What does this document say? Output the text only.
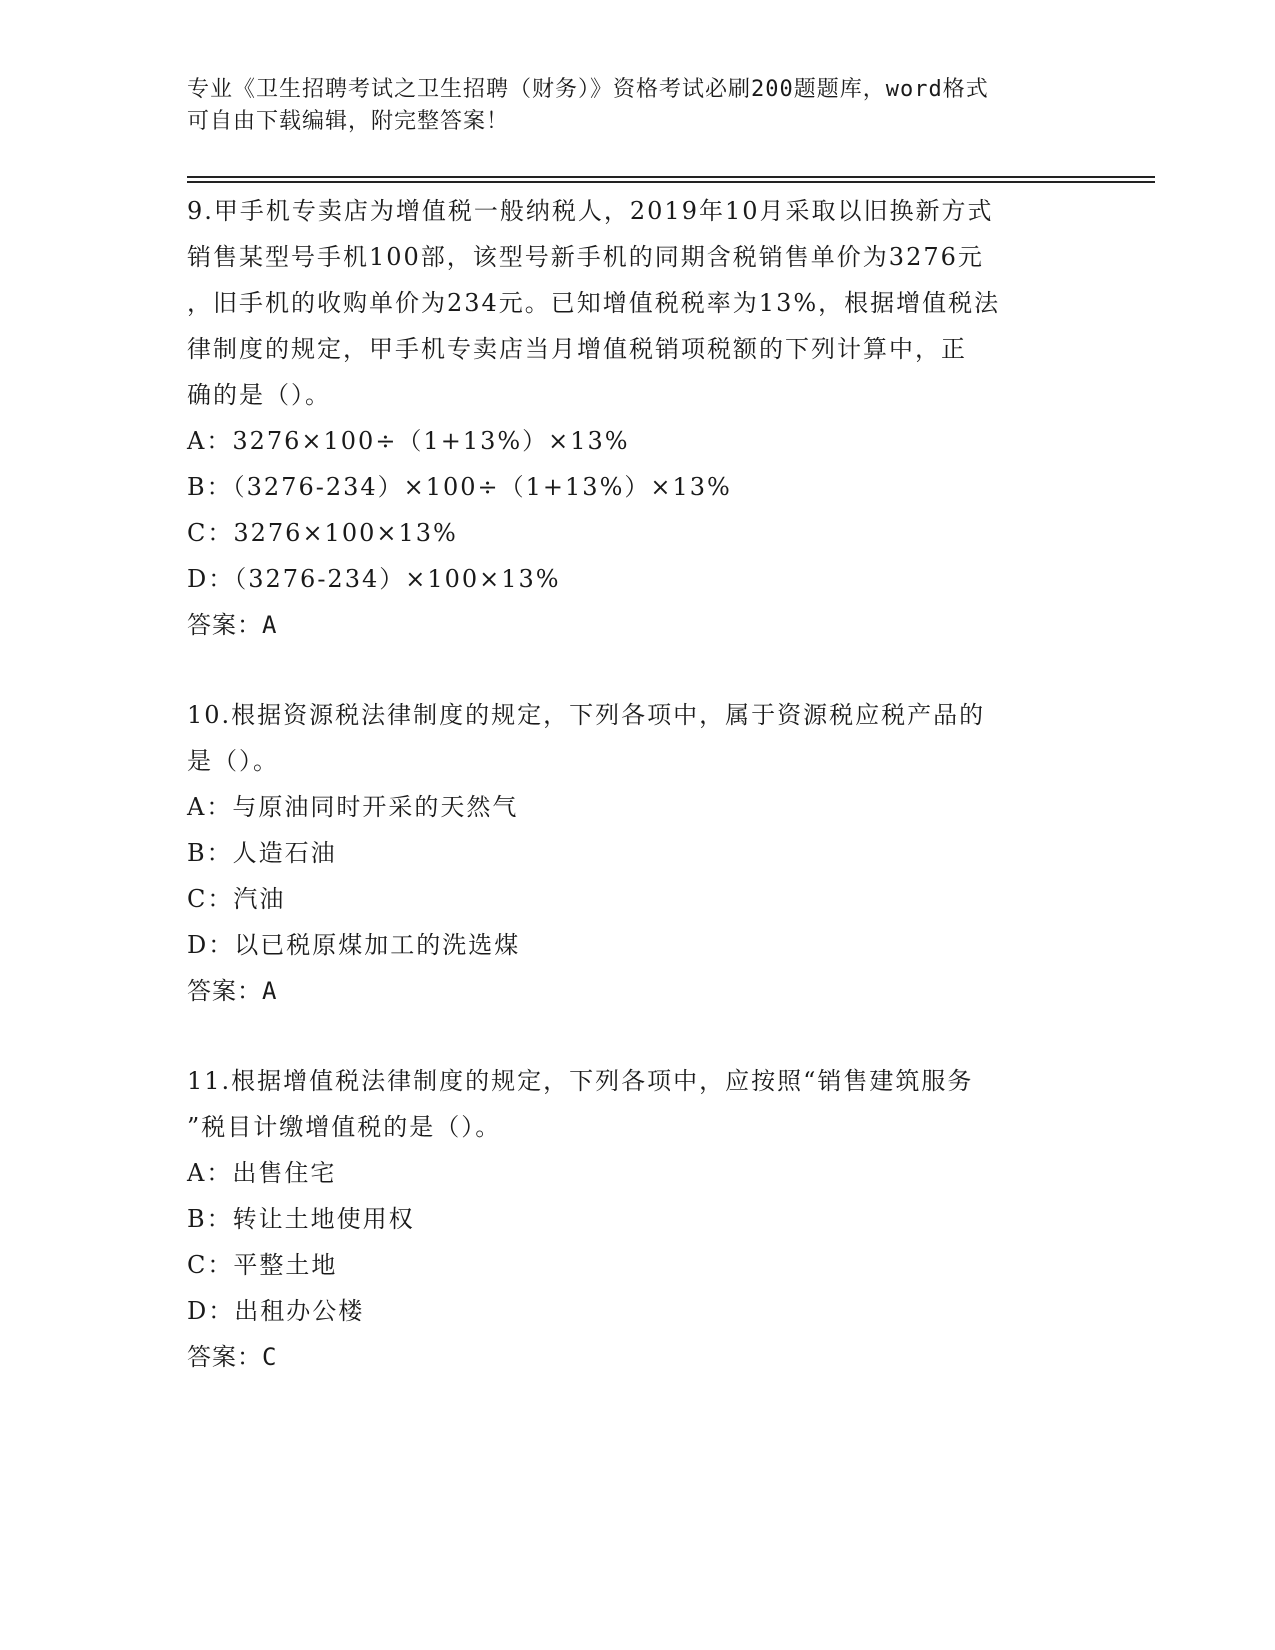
专业《卫生招聘考试之卫生招聘（财务）》资格考试必刷200题题库，word格式
可自由下载编辑，附完整答案！
9.甲手机专卖店为增值税一般纳税人，2019年10月采取以旧换新方式
销售某型号手机100部，该型号新手机的同期含税销售单价为3276元
，旧手机的收购单价为234元。已知增值税税率为13%，根据增值税法
律制度的规定，甲手机专卖店当月增值税销项税额的下列计算中，正
确的是（）。
A：3276×100÷（1+13%）×13%
B：（3276-234）×100÷（1+13%）×13%
C：3276×100×13%
D：（3276-234）×100×13%
答案：A
10.根据资源税法律制度的规定，下列各项中，属于资源税应税产品的
是（）。
A：与原油同时开采的天然气
B：人造石油
C：汽油
D：以已税原煤加工的洗选煤
答案：A
11.根据增值税法律制度的规定，下列各项中，应按照“销售建筑服务
”税目计缴增值税的是（）。
A：出售住宅
B：转让土地使用权
C：平整土地
D：出租办公楼
答案：C
